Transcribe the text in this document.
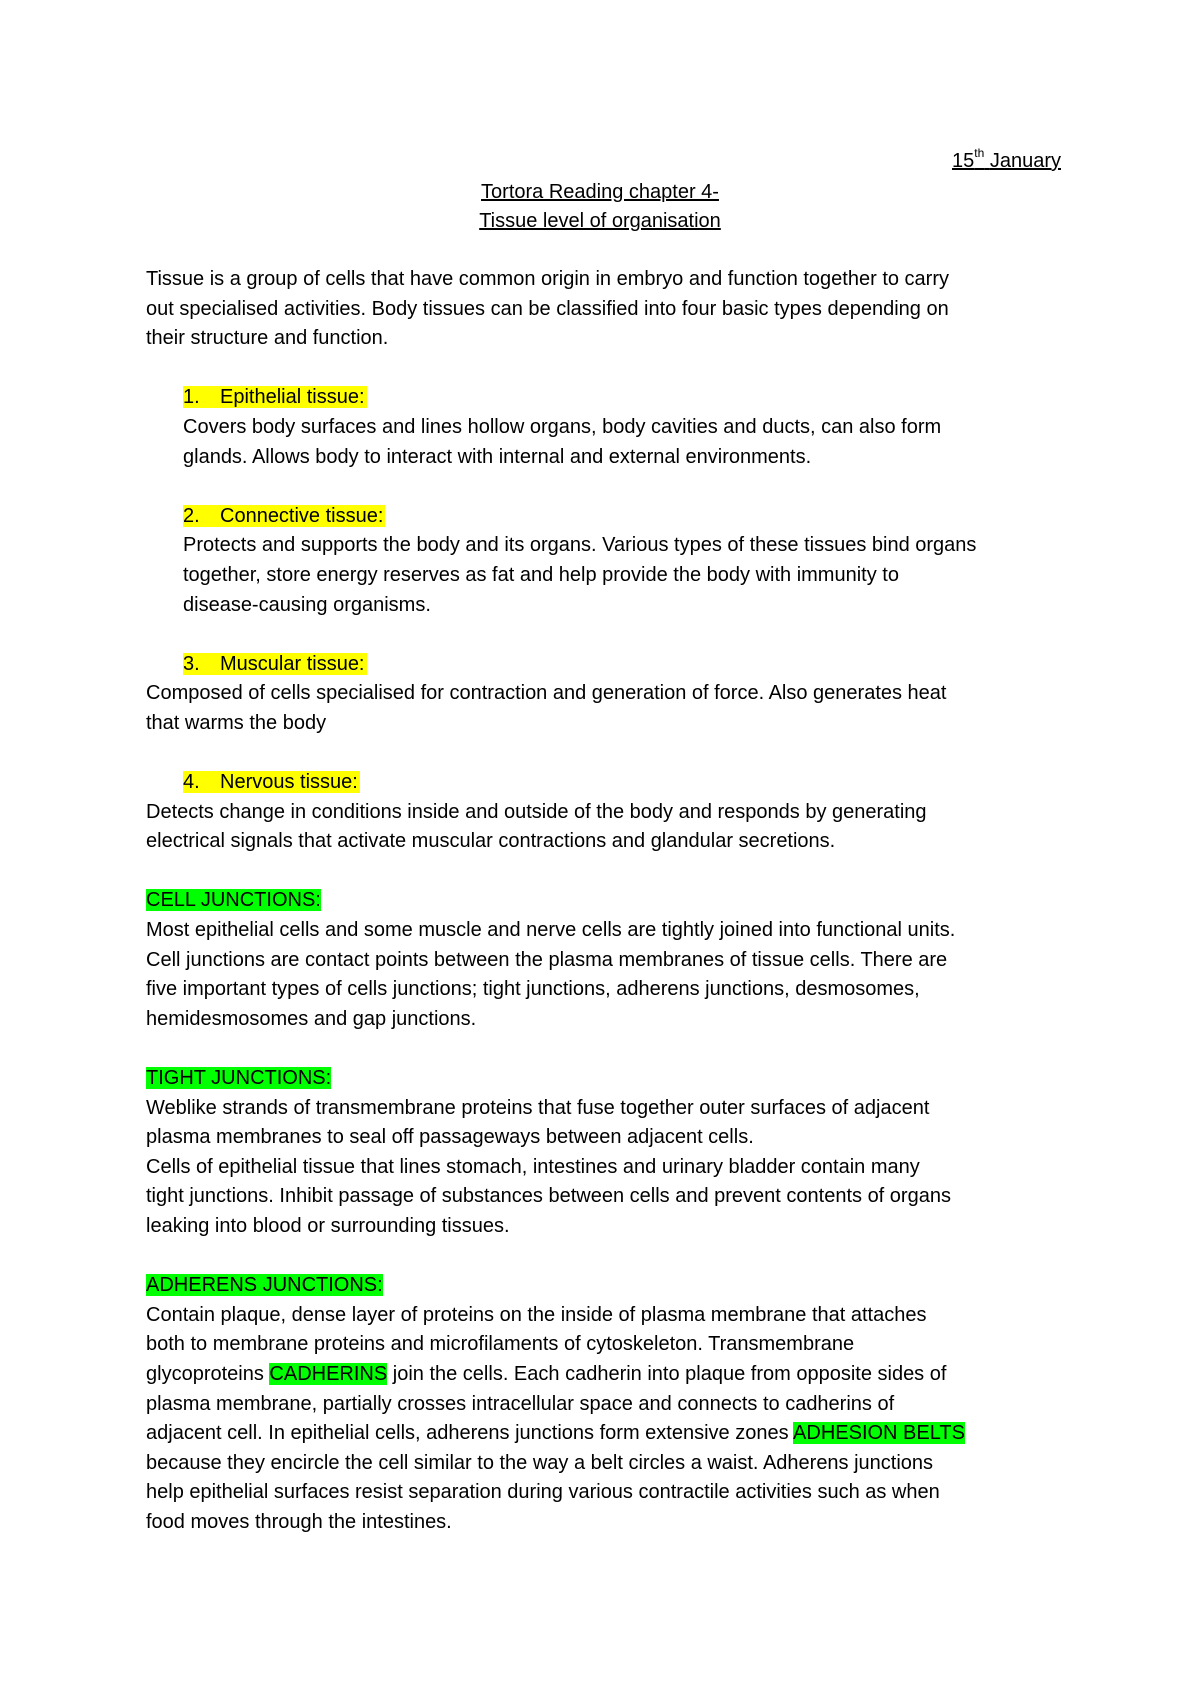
15th January
Tortora Reading chapter 4-
Tissue level of organisation

Tissue is a group of cells that have common origin in embryo and function together to carry

out specialised activities. Body tissues can be classified into four basic types depending on

their structure and function.

1. Epithelial tissue:

Covers body surfaces and lines hollow organs, body cavities and ducts, can also form

glands. Allows body to interact with internal and external environments.

2. Connective tissue:

Protects and supports the body and its organs. Various types of these tissues bind organs

together, store energy reserves as fat and help provide the body with immunity to

disease-causing organisms.

3. Muscular tissue:

Composed of cells specialised for contraction and generation of force. Also generates heat

that warms the body

4. Nervous tissue:

Detects change in conditions inside and outside of the body and responds by generating

electrical signals that activate muscular contractions and glandular secretions.

CELL JUNCTIONS:

Most epithelial cells and some muscle and nerve cells are tightly joined into functional units.

Cell junctions are contact points between the plasma membranes of tissue cells. There are

five important types of cells junctions; tight junctions, adherens junctions, desmosomes,

hemidesmosomes and gap junctions.

TIGHT JUNCTIONS:

Weblike strands of transmembrane proteins that fuse together outer surfaces of adjacent

plasma membranes to seal off passageways between adjacent cells.

Cells of epithelial tissue that lines stomach, intestines and urinary bladder contain many

tight junctions. Inhibit passage of substances between cells and prevent contents of organs

leaking into blood or surrounding tissues.

ADHERENS JUNCTIONS:

Contain plaque, dense layer of proteins on the inside of plasma membrane that attaches

both to membrane proteins and microfilaments of cytoskeleton. Transmembrane

glycoproteins CADHERINS join the cells. Each cadherin into plaque from opposite sides of

plasma membrane, partially crosses intracellular space and connects to cadherins of

adjacent cell. In epithelial cells, adherens junctions form extensive zones ADHESION BELTS

because they encircle the cell similar to the way a belt circles a waist. Adherens junctions

help epithelial surfaces resist separation during various contractile activities such as when

food moves through the intestines.
